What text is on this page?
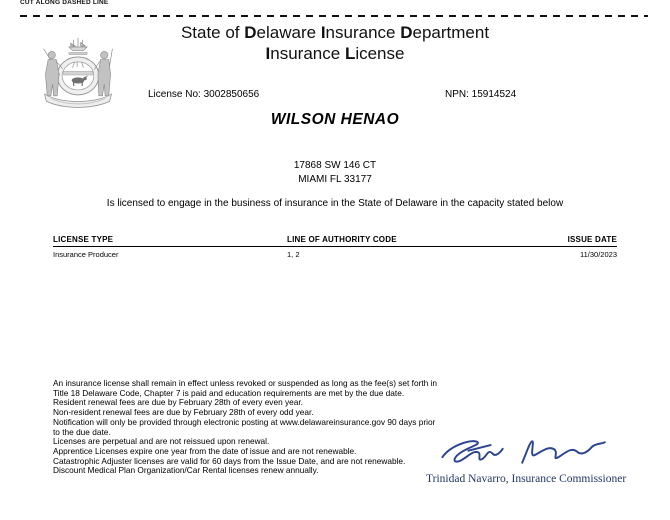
CUT ALONG DASHED LINE
State of Delaware Insurance Department
Insurance License
License No: 3002850656	NPN: 15914524
WILSON HENAO
17868 SW 146 CT
MIAMI FL 33177
Is licensed to engage in the business of insurance in the State of Delaware in the capacity stated below
LICENSE TYPE	LINE OF AUTHORITY CODE	ISSUE DATE
Insurance Producer	1, 2	11/30/2023

An insurance license shall remain in effect unless revoked or suspended as long as the fee(s) set forth in Title 18 Delaware Code, Chapter 7 is paid and education requirements are met by the due date.

Resident renewal fees are due by February 28th of every even year.

Non-resident renewal fees are due by February 28th of every odd year.

Notification will only be provided through electronic posting at www.delawareinsurance.gov 90 days prior to the due date.

Licenses are perpetual and are not reissued upon renewal.

Apprentice Licenses expire one year from the date of issue and are not renewable.

Catastrophic Adjuster licenses are valid for 60 days from the Issue Date, and are not renewable.

Discount Medical Plan Organization/Car Rental licenses renew annually.

Trinidad Navarro, Insurance Commissioner
